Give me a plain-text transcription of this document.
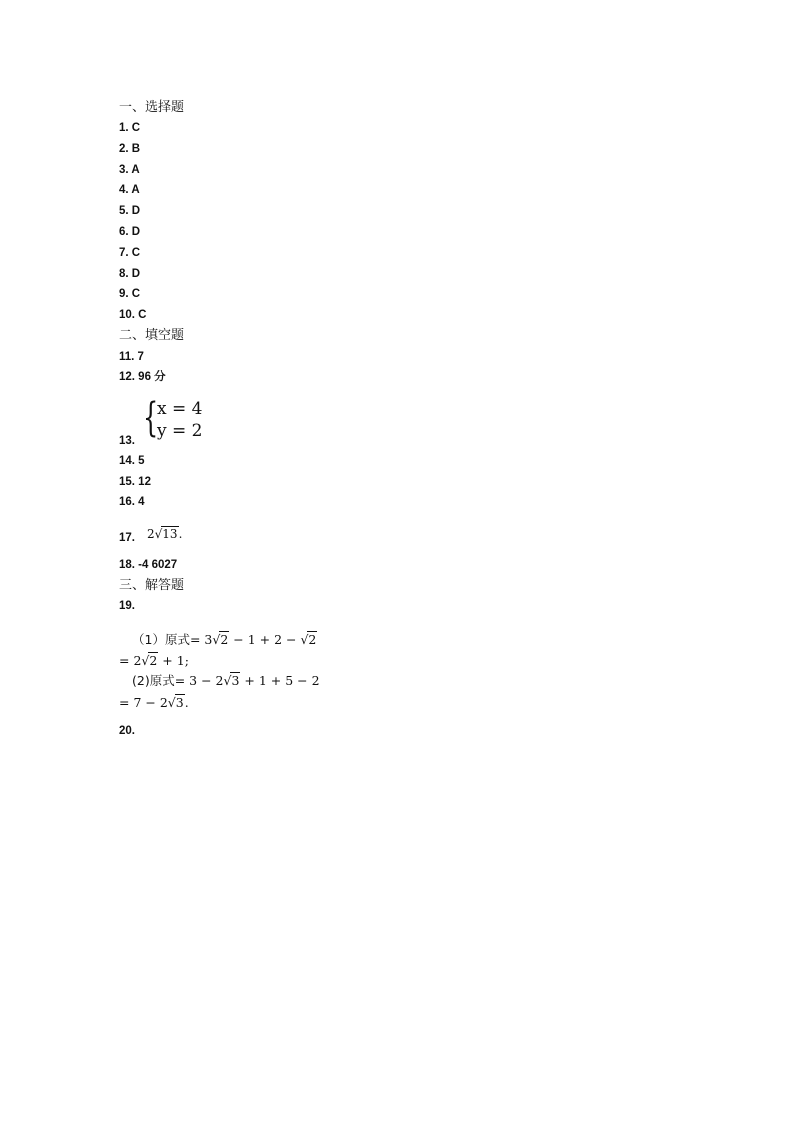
一、选择题
1. C
2. B
3. A
4. A
5. D
6. D
7. C
8. D
9. C
10. C
二、填空题
11. 7
12. 96 分
13. {
x = 4
y = 2
14. 5
15. 12
16. 4
17. 2√13.
18. -4 6027
三、解答题
19.
（1）原式= 3√2 − 1 + 2 − √2
= 2√2 + 1;
(2)原式= 3 − 2√3 + 1 + 5 − 2
= 7 − 2√3.
20.
